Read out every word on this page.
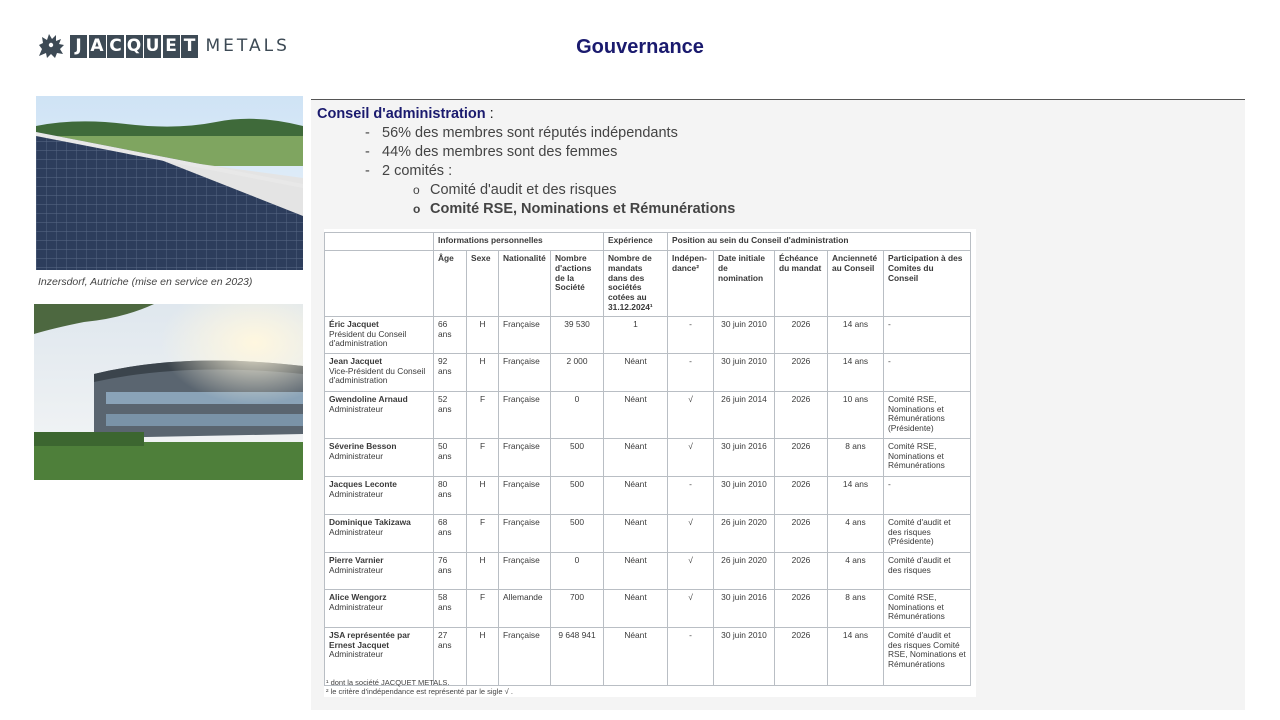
J A C Q U E T METALS	Gouvernance
Inzersdorf, Autriche (mise en service en 2023)
Conseil d'administration :
- 56% des membres sont réputés indépendants
- 44% des membres sont des femmes
- 2 comités :
o Comité d'audit et des risques
o Comité RSE, Nominations et Rémunérations
	Informations personnelles				Expérience	Position au sein du Conseil d'administration				
	Âge	Sexe	Nationalité	Nombre d'actions de la Société	Nombre de mandats dans des sociétés cotées au 31.12.2024¹	Indépen-dance²	Date initiale de nomination	Échéance du mandat	Ancienneté au Conseil	Participation à des Comites du Conseil

Éric Jacquet
Président du Conseil d'administration	66 ans	H	Française	39 530	1	-	30 juin 2010	2026	14 ans	-

Jean Jacquet
Vice-Président du Conseil d'administration	92 ans	H	Française	2 000	Néant	-	30 juin 2010	2026	14 ans	-

Gwendoline Arnaud
Administrateur	52 ans	F	Française	0	Néant	√	26 juin 2014	2026	10 ans	Comité RSE, Nominations et Rémunérations (Présidente)

Séverine Besson
Administrateur	50 ans	F	Française	500	Néant	√	30 juin 2016	2026	8 ans	Comité RSE, Nominations et Rémunérations

Jacques Leconte
Administrateur	80 ans	H	Française	500	Néant	-	30 juin 2010	2026	14 ans	-

Dominique Takizawa
Administrateur	68 ans	F	Française	500	Néant	√	26 juin 2020	2026	4 ans	Comité d'audit et des risques (Présidente)

Pierre Varnier
Administrateur	76 ans	H	Française	0	Néant	√	26 juin 2020	2026	4 ans	Comité d'audit et des risques

Alice Wengorz
Administrateur	58 ans	F	Allemande	700	Néant	√	30 juin 2016	2026	8 ans	Comité RSE, Nominations et Rémunérations

JSA représentée par Ernest Jacquet
Administrateur	27 ans	H	Française	9 648 941	Néant	-	30 juin 2010	2026	14 ans	Comité d'audit et des risques Comité RSE, Nominations et Rémunérations
¹ dont la société JACQUET METALS.
² le critère d'indépendance est représenté par le sigle √ .
